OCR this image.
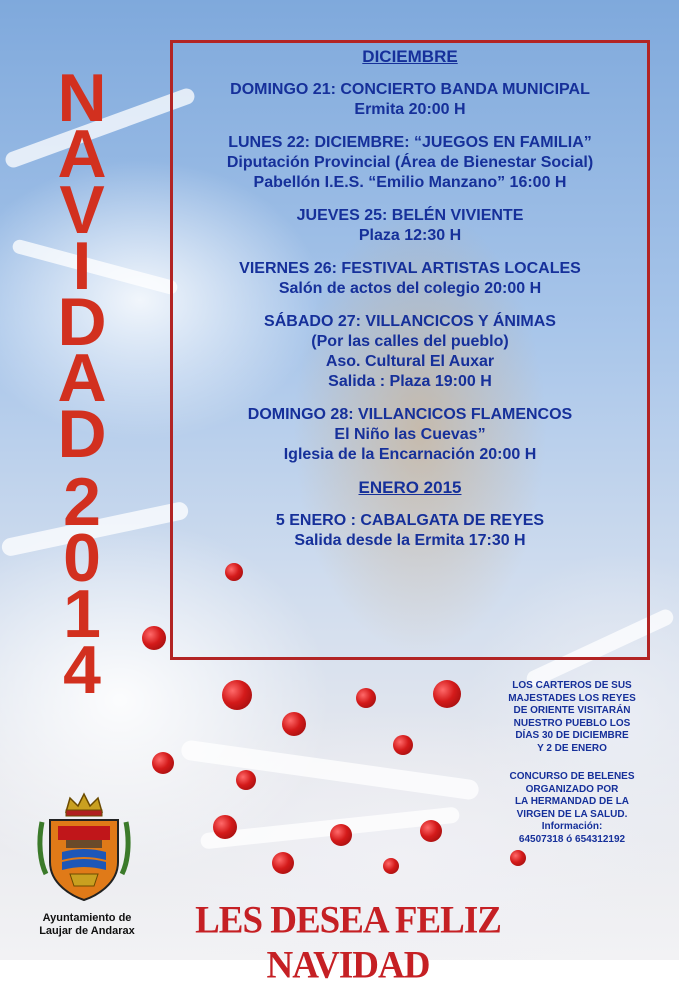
N
A
V
I
D
A
D
2
0
1
4
DICIEMBRE
DOMINGO 21: CONCIERTO BANDA MUNICIPAL
Ermita 20:00 H
LUNES 22: DICIEMBRE: “JUEGOS EN FAMILIA”
Diputación Provincial (Área de Bienestar Social)
Pabellón I.E.S. “Emilio Manzano” 16:00 H
JUEVES 25: BELÉN VIVIENTE
Plaza 12:30 H
VIERNES 26: FESTIVAL ARTISTAS LOCALES
Salón de actos del colegio 20:00 H
SÁBADO 27: VILLANCICOS Y ÁNIMAS
(Por las calles del pueblo)
Aso. Cultural El Auxar
Salida : Plaza 19:00 H
DOMINGO 28: VILLANCICOS FLAMENCOS
El Niño las Cuevas”
Iglesia de la Encarnación 20:00 H
ENERO 2015
5 ENERO : CABALGATA DE REYES
Salida desde la Ermita 17:30 H
LOS CARTEROS DE SUS
MAJESTADES LOS REYES
DE ORIENTE VISITARÁN
NUESTRO PUEBLO LOS
DÍAS 30 DE DICIEMBRE
Y 2 DE ENERO
CONCURSO DE BELENES
ORGANIZADO POR
LA HERMANDAD DE LA
VIRGEN DE LA SALUD.
Información:
64507318 ó 654312192
Ayuntamiento de
Laujar de Andarax	LES DESEA FELIZ NAVIDAD
